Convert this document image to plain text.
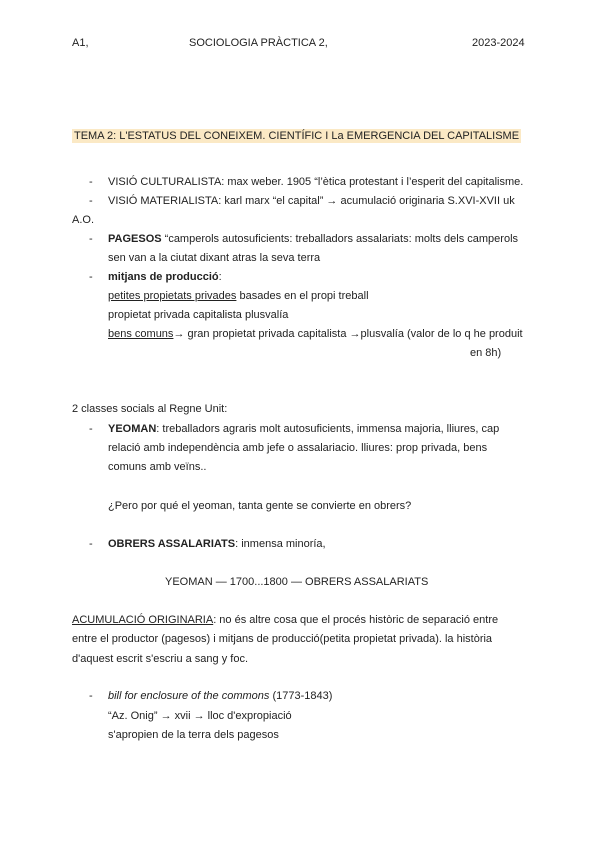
A1,	SOCIOLOGIA PRÀCTICA 2,	2023-2024
TEMA 2: L'ESTATUS DEL CONEIXEM. CIENTÍFIC I La EMERGENCIA DEL CAPITALISME
- VISIÓ CULTURALISTA: max weber. 1905 “l’ètica protestant i l’esperit del capitalisme.
- VISIÓ MATERIALISTA: karl marx “el capital” → acumulació originaria S.XVI-XVII uk
A.O.
- PAGESOS “camperols autosuficients: treballadors assalariats: molts dels camperols
sen van a la ciutat dixant atras la seva terra
- mitjans de producció:
petites propietats privades basades en el propi treball
propietat privada capitalista plusvalía
bens comuns→ gran propietat privada capitalista →plusvalía (valor de lo q he produit
en 8h)
2 classes socials al Regne Unit:
- YEOMAN: treballadors agraris molt autosuficients, immensa majoria, lliures, cap
relació amb independència amb jefe o assalariacio. lliures: prop privada, bens
comuns amb veïns..
¿Pero por qué el yeoman, tanta gente se convierte en obrers?
- OBRERS ASSALARIATS: inmensa minoría,
YEOMAN — 1700...1800 — OBRERS ASSALARIATS
ACUMULACIÓ ORIGINARIA: no és altre cosa que el procés històric de separació entre
entre el productor (pagesos) i mitjans de producció(petita propietat privada). la història
d'aquest escrit s'escriu a sang y foc.
- bill for enclosure of the commons (1773-1843)
“Az. Onig” → xvii → lloc d'expropiació
s'apropien de la terra dels pagesos
